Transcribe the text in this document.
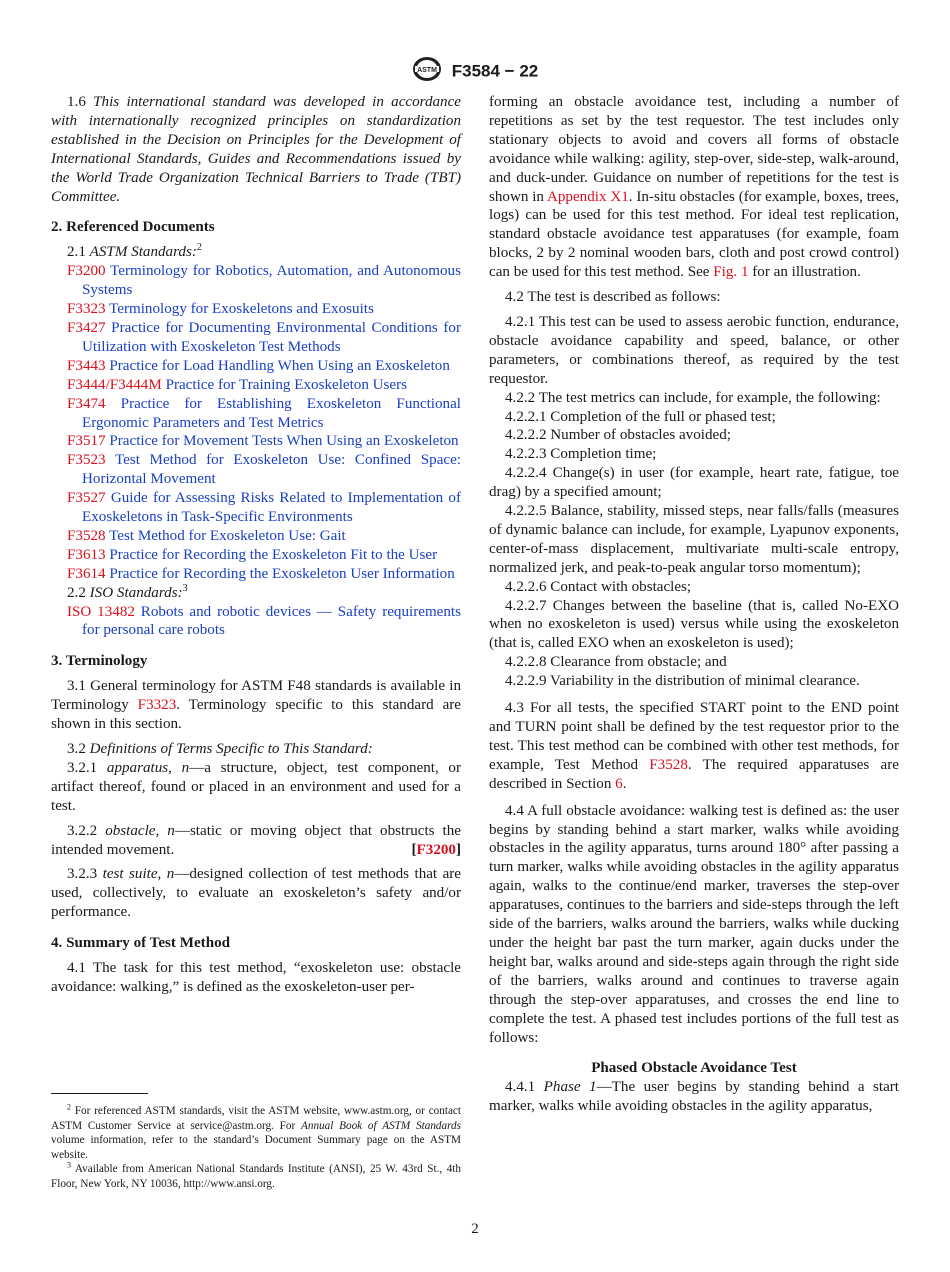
ASTM F3584 − 22

1.6 This international standard was developed in accordance with internationally recognized principles on standardization established in the Decision on Principles for the Development of International Standards, Guides and Recommendations issued by the World Trade Organization Technical Barriers to Trade (TBT) Committee.

2. Referenced Documents

2.1 ASTM Standards:$^2$

F3200 Terminology for Robotics, Automation, and Autonomous Systems

F3323 Terminology for Exoskeletons and Exosuits

F3427 Practice for Documenting Environmental Conditions for Utilization with Exoskeleton Test Methods

F3443 Practice for Load Handling When Using an Exoskeleton

F3444/F3444M Practice for Training Exoskeleton Users

F3474 Practice for Establishing Exoskeleton Functional Ergonomic Parameters and Test Metrics

F3517 Practice for Movement Tests When Using an Exoskeleton

F3523 Test Method for Exoskeleton Use: Confined Space: Horizontal Movement

F3527 Guide for Assessing Risks Related to Implementation of Exoskeletons in Task-Specific Environments

F3528 Test Method for Exoskeleton Use: Gait

F3613 Practice for Recording the Exoskeleton Fit to the User

F3614 Practice for Recording the Exoskeleton User Information

2.2 ISO Standards:$^3$

ISO 13482 Robots and robotic devices — Safety requirements for personal care robots

3. Terminology

3.1 General terminology for ASTM F48 standards is available in Terminology F3323. Terminology specific to this standard are shown in this section.

3.2 Definitions of Terms Specific to This Standard:

3.2.1 apparatus, n—a structure, object, test component, or artifact thereof, found or placed in an environment and used for a test.

3.2.2 obstacle, n—static or moving object that obstructs the intended movement.	[F3200]

3.2.3 test suite, n—designed collection of test methods that are used, collectively, to evaluate an exoskeleton’s safety and/or performance.

4. Summary of Test Method

4.1 The task for this test method, “exoskeleton use: obstacle avoidance: walking,” is defined as the exoskeleton-user per-

$^2$ For referenced ASTM standards, visit the ASTM website, www.astm.org, or contact ASTM Customer Service at service@astm.org. For Annual Book of ASTM Standards volume information, refer to the standard’s Document Summary page on the ASTM website.

$^3$ Available from American National Standards Institute (ANSI), 25 W. 43rd St., 4th Floor, New York, NY 10036, http://www.ansi.org.

forming an obstacle avoidance test, including a number of repetitions as set by the test requestor. The test includes only stationary objects to avoid and covers all forms of obstacle avoidance while walking: agility, step-over, side-step, walk-around, and duck-under. Guidance on number of repetitions for the test is shown in Appendix X1. In-situ obstacles (for example, boxes, trees, logs) can be used for this test method. For ideal test replication, standard obstacle avoidance test apparatuses (for example, foam blocks, 2 by 2 nominal wooden bars, cloth and post crowd control) can be used for this test method. See Fig. 1 for an illustration.

4.2 The test is described as follows:

4.2.1 This test can be used to assess aerobic function, endurance, obstacle avoidance capability and speed, balance, or other parameters, or combinations thereof, as required by the test requestor.

4.2.2 The test metrics can include, for example, the following:

4.2.2.1 Completion of the full or phased test;

4.2.2.2 Number of obstacles avoided;

4.2.2.3 Completion time;

4.2.2.4 Change(s) in user (for example, heart rate, fatigue, toe drag) by a specified amount;

4.2.2.5 Balance, stability, missed steps, near falls/falls (measures of dynamic balance can include, for example, Lyapunov exponents, center-of-mass displacement, multivariate multi-scale entropy, normalized jerk, and peak-to-peak angular torso momentum);

4.2.2.6 Contact with obstacles;

4.2.2.7 Changes between the baseline (that is, called No-EXO when no exoskeleton is used) versus while using the exoskeleton (that is, called EXO when an exoskeleton is used);

4.2.2.8 Clearance from obstacle; and

4.2.2.9 Variability in the distribution of minimal clearance.

4.3 For all tests, the specified START point to the END point and TURN point shall be defined by the test requestor prior to the test. This test method can be combined with other test methods, for example, Test Method F3528. The required apparatuses are described in Section 6.

4.4 A full obstacle avoidance: walking test is defined as: the user begins by standing behind a start marker, walks while avoiding obstacles in the agility apparatus, turns around 180° after passing a turn marker, walks while avoiding obstacles in the agility apparatus again, walks to the continue/end marker, traverses the step-over apparatuses, continues to the barriers and side-steps through the left side of the barriers, walks around the barriers, walks while ducking under the height bar past the turn marker, again ducks under the height bar, walks around and side-steps again through the right side of the barriers, walks around and continues to traverse again through the step-over apparatuses, and crosses the end line to complete the test. A phased test includes portions of the full test as follows:

Phased Obstacle Avoidance Test

4.4.1 Phase 1—The user begins by standing behind a start marker, walks while avoiding obstacles in the agility apparatus,

2
